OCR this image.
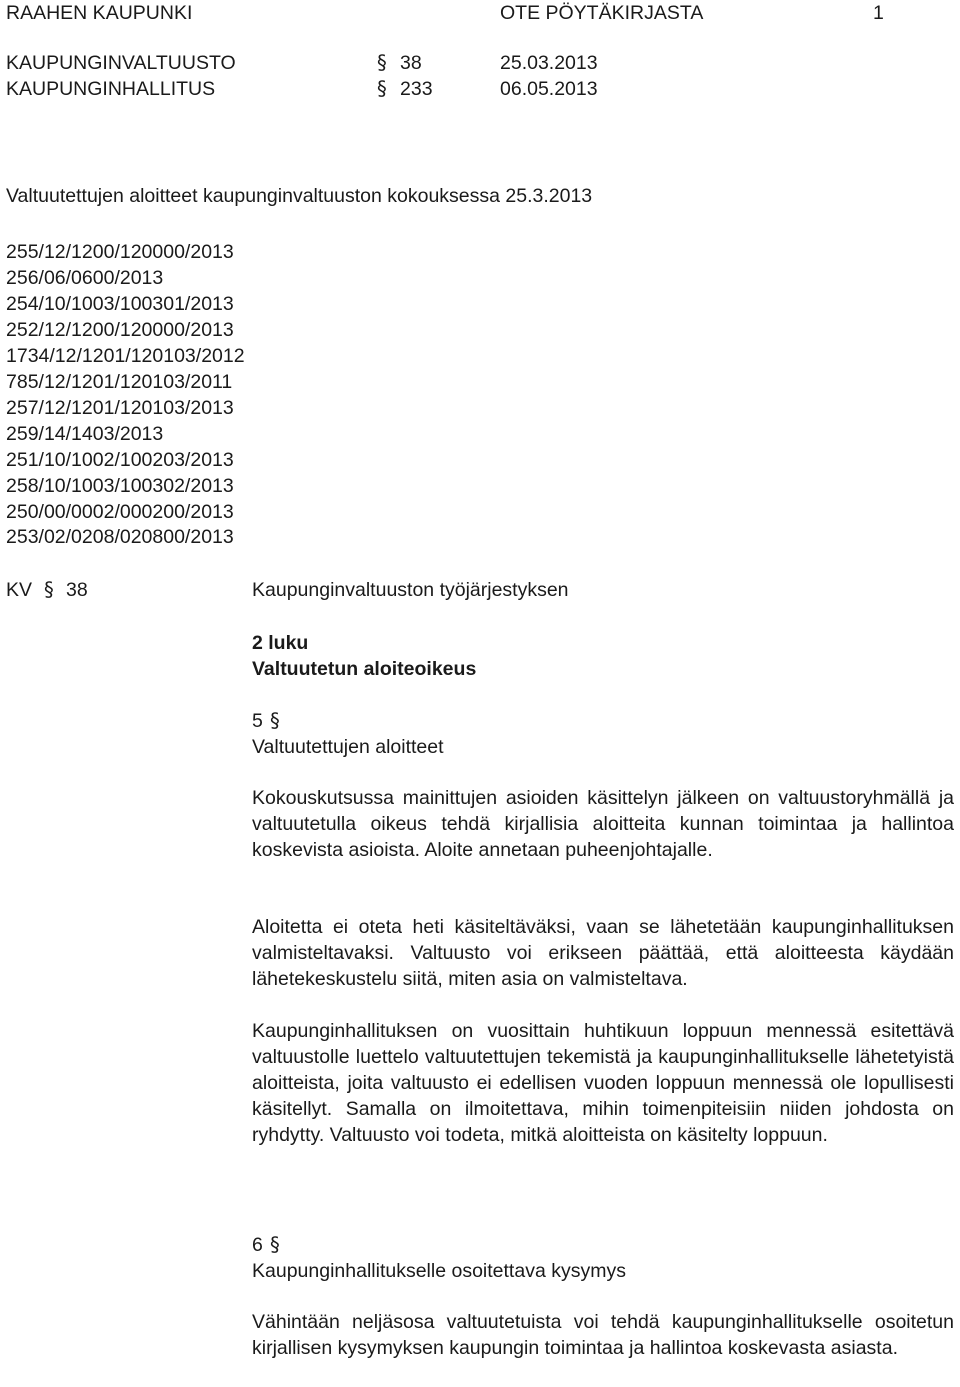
RAAHEN KAUPUNKI	OTE PÖYTÄKIRJASTA	1
KAUPUNGINVALTUUSTO	§ 38	25.03.2013
KAUPUNGINHALLITUS	§ 233	06.05.2013
Valtuutettujen aloitteet kaupunginvaltuuston kokouksessa 25.3.2013
255/12/1200/120000/2013
256/06/0600/2013
254/10/1003/100301/2013
252/12/1200/120000/2013
1734/12/1201/120103/2012
785/12/1201/120103/2011
257/12/1201/120103/2013
259/14/1403/2013
251/10/1002/100203/2013
258/10/1003/100302/2013
250/00/0002/000200/2013
253/02/0208/020800/2013
KV § 38	Kaupunginvaltuuston työjärjestyksen
2 luku
Valtuutetun aloiteoikeus
5 §
Valtuutettujen aloitteet
Kokouskutsussa mainittujen asioiden käsittelyn jälkeen on valtuustoryhmällä ja valtuutetulla oikeus tehdä kirjallisia aloitteita kunnan toimintaa ja hallintoa koskevista asioista. Aloite annetaan puheenjohtajalle.
Aloitetta ei oteta heti käsiteltäväksi, vaan se lähetetään kaupunginhallituksen valmisteltavaksi. Valtuusto voi erikseen päättää, että aloitteesta käydään lähetekeskustelu siitä, miten asia on valmisteltava.
Kaupunginhallituksen on vuosittain huhtikuun loppuun mennessä esitettävä valtuustolle luettelo valtuutettujen tekemistä ja kaupunginhallitukselle lähetetyistä aloitteista, joita valtuusto ei edellisen vuoden loppuun mennessä ole lopullisesti käsitellyt. Samalla on ilmoitettava, mihin toimenpiteisiin niiden johdosta on ryhdytty. Valtuusto voi todeta, mitkä aloitteista on käsitelty loppuun.
6 §
Kaupunginhallitukselle osoitettava kysymys
Vähintään neljäsosa valtuutetuista voi tehdä kaupunginhallitukselle osoitetun kirjallisen kysymyksen kaupungin toimintaa ja hallintoa koskevasta asiasta.
